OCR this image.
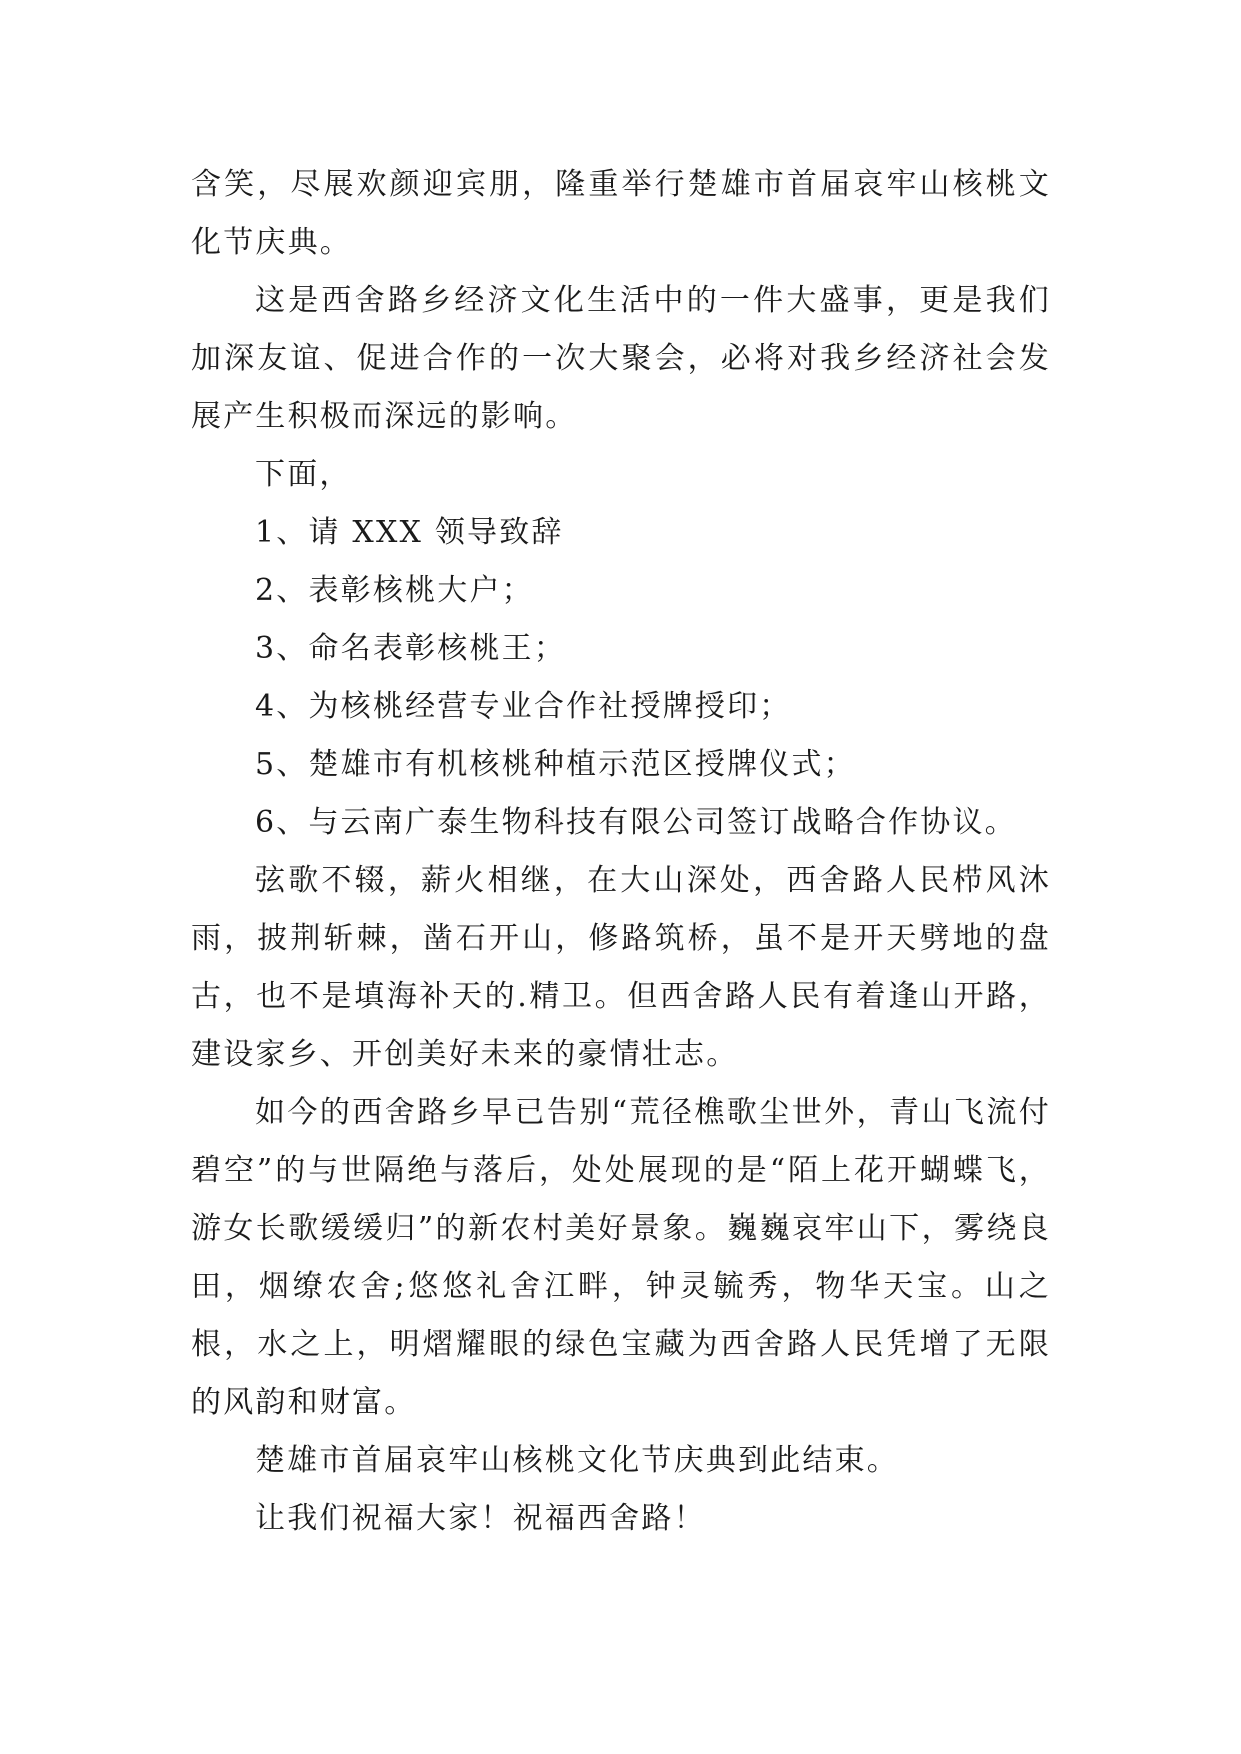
含笑，尽展欢颜迎宾朋，隆重举行楚雄市首届哀牢山核桃文化节庆典。

这是西舍路乡经济文化生活中的一件大盛事，更是我们加深友谊、促进合作的一次大聚会，必将对我乡经济社会发展产生积极而深远的影响。

下面，

1、请 XXX 领导致辞

2、表彰核桃大户；

3、命名表彰核桃王；

4、为核桃经营专业合作社授牌授印；

5、楚雄市有机核桃种植示范区授牌仪式；

6、与云南广泰生物科技有限公司签订战略合作协议。

弦歌不辍，薪火相继，在大山深处，西舍路人民栉风沐雨，披荆斩棘，凿石开山，修路筑桥，虽不是开天劈地的盘古，也不是填海补天的.精卫。但西舍路人民有着逢山开路，建设家乡、开创美好未来的豪情壮志。

如今的西舍路乡早已告别“荒径樵歌尘世外，青山飞流付碧空”的与世隔绝与落后，处处展现的是“陌上花开蝴蝶飞，游女长歌缓缓归”的新农村美好景象。巍巍哀牢山下，雾绕良田，烟缭农舍;悠悠礼舍江畔，钟灵毓秀，物华天宝。山之根，水之上，明熠耀眼的绿色宝藏为西舍路人民凭增了无限的风韵和财富。

楚雄市首届哀牢山核桃文化节庆典到此结束。

让我们祝福大家！祝福西舍路！
